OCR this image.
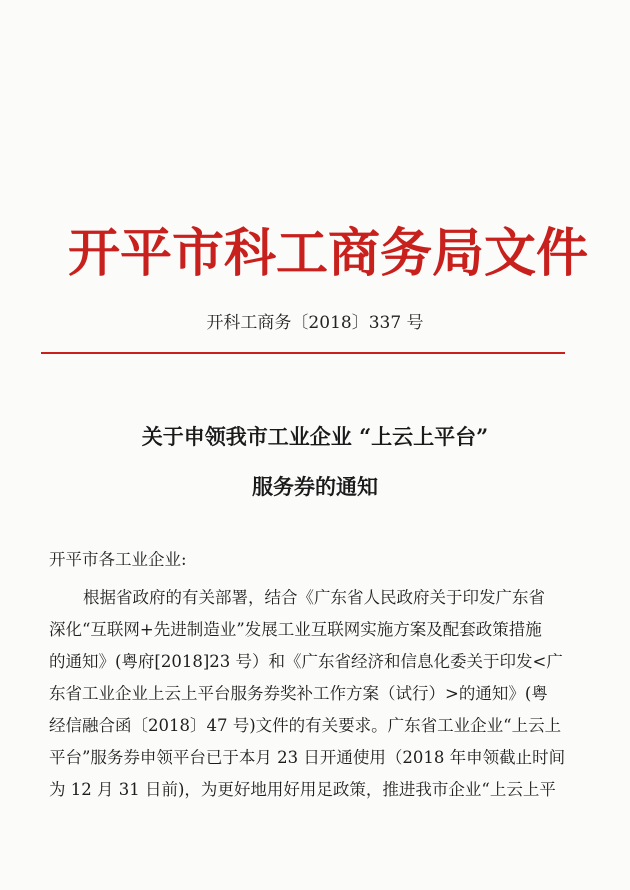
开平市科工商务局文件
开科工商务〔2018〕337 号
关于申领我市工业企业 “上云上平台”
服务券的通知
开平市各工业企业:
根据省政府的有关部署，结合《广东省人民政府关于印发广东省
深化“互联网+先进制造业”发展工业互联网实施方案及配套政策措施
的通知》(粤府[2018]23 号）和《广东省经济和信息化委关于印发<广
东省工业企业上云上平台服务券奖补工作方案（试行）>的通知》(粤
经信融合函〔2018〕47 号)文件的有关要求。广东省工业企业“上云上
平台”服务券申领平台已于本月 23 日开通使用（2018 年申领截止时间
为 12 月 31 日前)，为更好地用好用足政策，推进我市企业“上云上平
